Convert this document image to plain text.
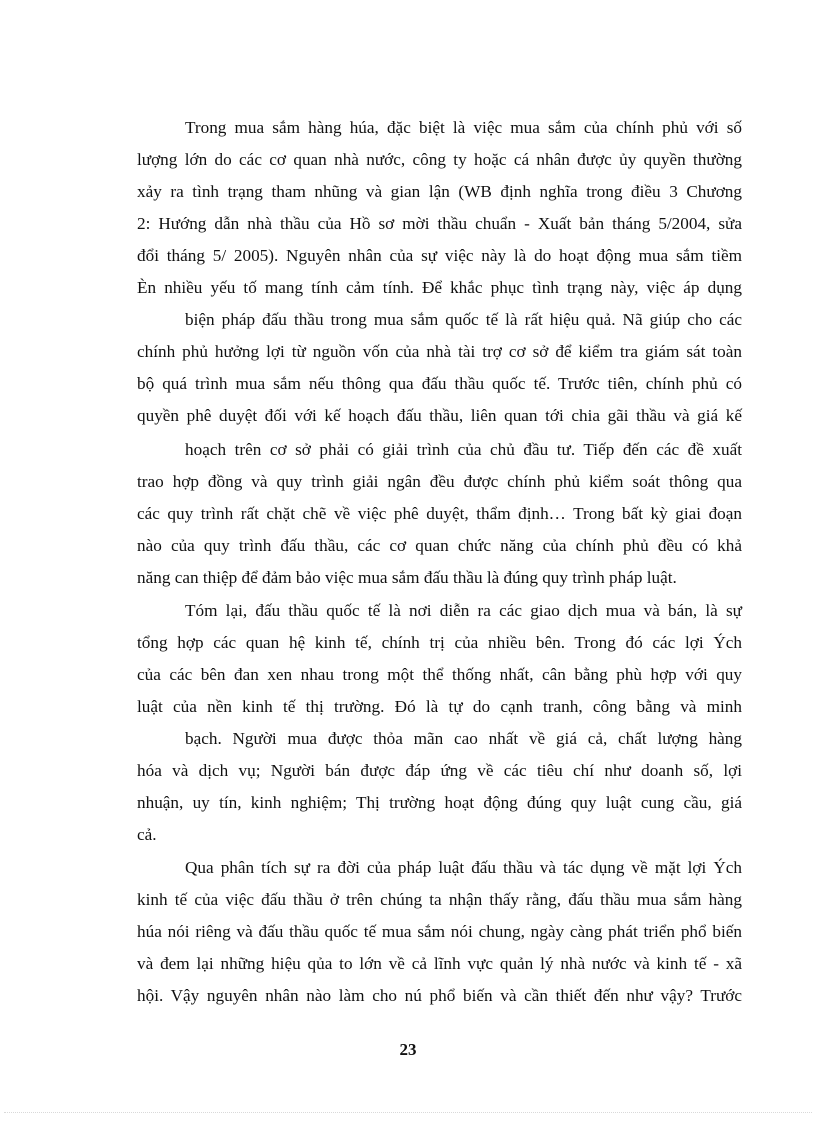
Trong mua sắm hàng húa, đặc biệt là việc mua sắm của chính phủ với số
lượng lớn do các cơ quan nhà nước, công ty hoặc cá nhân được ủy quyền thường
xảy ra tình trạng tham nhũng và gian lận (WB định nghĩa trong điều 3 Chương
2: Hướng dẫn nhà thầu của Hồ sơ mời thầu chuẩn - Xuất bản tháng 5/2004, sửa
đổi tháng 5/ 2005). Nguyên nhân của sự việc này là do hoạt động mua sắm tiềm
Èn nhiều yếu tố mang tính cảm tính. Để khắc phục tình trạng này, việc áp dụng
biện pháp đấu thầu trong mua sắm quốc tế là rất hiệu quả. Nã giúp cho các
chính phủ hưởng lợi từ nguồn vốn của nhà tài trợ cơ sở để kiểm tra giám sát toàn
bộ quá trình mua sắm nếu thông qua đấu thầu quốc tế. Trước tiên, chính phủ có
quyền phê duyệt đối với kế hoạch đấu thầu, liên quan tới chia gãi thầu và giá kế
hoạch trên cơ sở phải có giải trình của chủ đầu tư. Tiếp đến các đề xuất
trao hợp đồng và quy trình giải ngân đều được chính phủ kiểm soát thông qua
các quy trình rất chặt chẽ về việc phê duyệt, thẩm định… Trong bất kỳ giai đoạn
nào của quy trình đấu thầu, các cơ quan chức năng của chính phủ đều có khả
năng can thiệp để đảm bảo việc mua sắm đấu thầu là đúng quy trình pháp luật.
Tóm lại, đấu thầu quốc tế là nơi diễn ra các giao dịch mua và bán, là sự
tổng hợp các quan hệ kinh tế, chính trị của nhiều bên. Trong đó các lợi Ých
của các bên đan xen nhau trong một thể thống nhất, cân bằng phù hợp với quy
luật của nền kinh tế thị trường. Đó là tự do cạnh tranh, công bằng và minh
bạch. Người mua được thỏa mãn cao nhất về giá cả, chất lượng hàng
hóa và dịch vụ; Người bán được đáp ứng về các tiêu chí như doanh số, lợi
nhuận, uy tín, kinh nghiệm; Thị trường hoạt động đúng quy luật cung cầu, giá
cả.
Qua phân tích sự ra đời của pháp luật đấu thầu và tác dụng về mặt lợi Ých
kinh tế của việc đấu thầu ở trên chúng ta nhận thấy rằng, đấu thầu mua sắm hàng
húa nói riêng và đấu thầu quốc tế mua sắm nói chung, ngày càng phát triển phổ biến
và đem lại những hiệu qủa to lớn về cả lĩnh vực quản lý nhà nước và kinh tế - xã
hội. Vậy nguyên nhân nào làm cho nú phổ biến và cần thiết đến như vậy? Trước
23
